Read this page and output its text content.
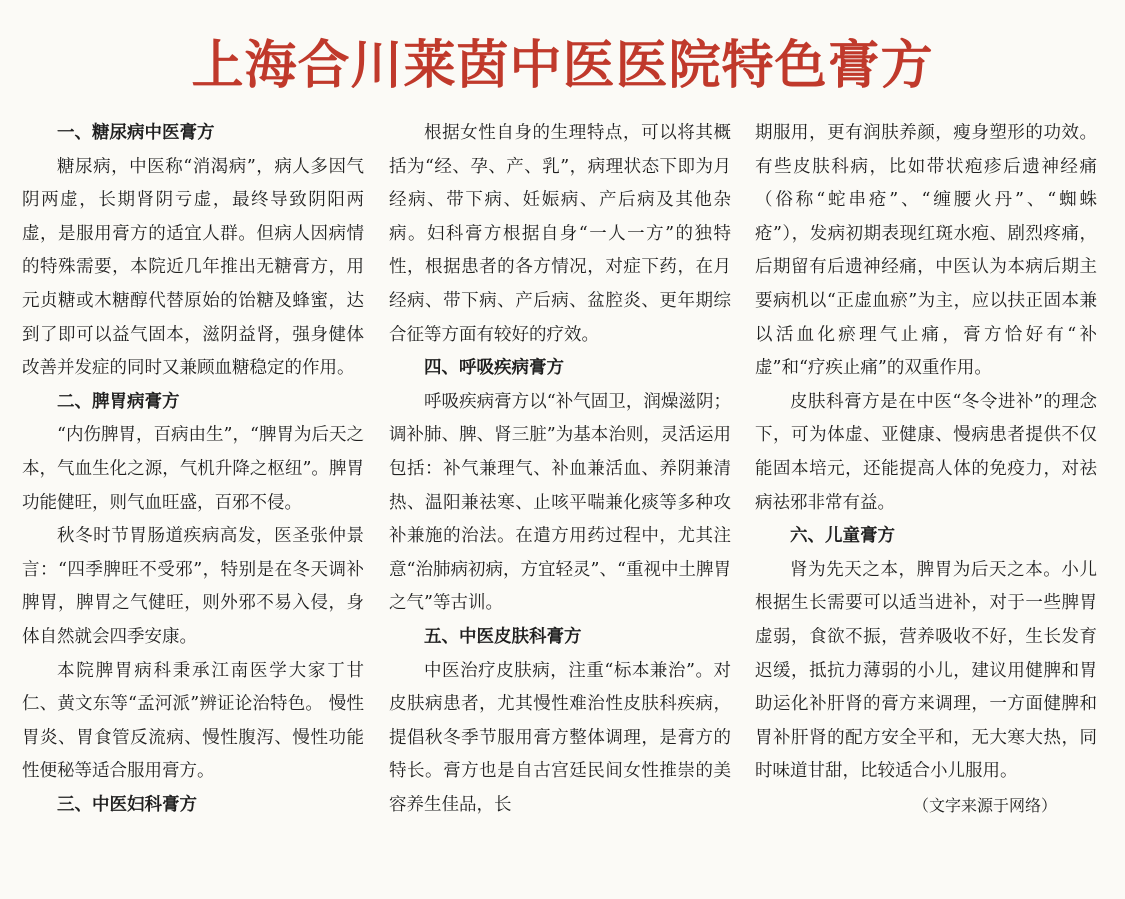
上海合川莱茵中医医院特色膏方
一、糖尿病中医膏方

糖尿病，中医称“消渴病”，病人多因气阴两虚，长期肾阴亏虚，最终导致阴阳两虚，是服用膏方的适宜人群。但病人因病情的特殊需要，本院近几年推出无糖膏方，用元贞糖或木糖醇代替原始的饴糖及蜂蜜，达到了即可以益气固本，滋阴益肾，强身健体改善并发症的同时又兼顾血糖稳定的作用。

二、脾胃病膏方

“内伤脾胃，百病由生”，“脾胃为后天之本，气血生化之源，气机升降之枢纽”。脾胃功能健旺，则气血旺盛，百邪不侵。

秋冬时节胃肠道疾病高发，医圣张仲景言：“四季脾旺不受邪”，特别是在冬天调补脾胃，脾胃之气健旺，则外邪不易入侵，身体自然就会四季安康。

本院脾胃病科秉承江南医学大家丁甘仁、黄文东等“孟河派”辨证论治特色。 慢性胃炎、胃食管反流病、慢性腹泻、慢性功能性便秘等适合服用膏方。

三、中医妇科膏方

根据女性自身的生理特点，可以将其概括为“经、孕、产、乳”，病理状态下即为月经病、带下病、妊娠病、产后病及其他杂病。妇科膏方根据自身“一人一方”的独特性，根据患者的各方情况，对症下药，在月经病、带下病、产后病、盆腔炎、更年期综合征等方面有较好的疗效。

四、呼吸疾病膏方

呼吸疾病膏方以“补气固卫，润燥滋阴；调补肺、脾、肾三脏”为基本治则，灵活运用包括：补气兼理气、补血兼活血、养阴兼清热、温阳兼祛寒、止咳平喘兼化痰等多种攻补兼施的治法。在遣方用药过程中，尤其注意“治肺病初病，方宜轻灵”、“重视中土脾胃之气”等古训。

五、中医皮肤科膏方

中医治疗皮肤病，注重“标本兼治”。对皮肤病患者，尤其慢性难治性皮肤科疾病，提倡秋冬季节服用膏方整体调理，是膏方的特长。膏方也是自古宫廷民间女性推崇的美容养生佳品，长

期服用，更有润肤养颜，瘦身塑形的功效。有些皮肤科病，比如带状疱疹后遗神经痛（俗称“蛇串疮”、“缠腰火丹”、“蜘蛛疮”），发病初期表现红斑水疱、剧烈疼痛，后期留有后遗神经痛，中医认为本病后期主要病机以“正虚血瘀”为主，应以扶正固本兼以活血化瘀理气止痛，膏方恰好有“补虚”和“疗疾止痛”的双重作用。

皮肤科膏方是在中医“冬令进补”的理念下，可为体虚、亚健康、慢病患者提供不仅能固本培元，还能提高人体的免疫力，对祛病祛邪非常有益。

六、儿童膏方

肾为先天之本，脾胃为后天之本。小儿根据生长需要可以适当进补，对于一些脾胃虚弱，食欲不振，营养吸收不好，生长发育迟缓，抵抗力薄弱的小儿，建议用健脾和胃助运化补肝肾的膏方来调理，一方面健脾和胃补肝肾的配方安全平和，无大寒大热，同时味道甘甜，比较适合小儿服用。

（文字来源于网络）
